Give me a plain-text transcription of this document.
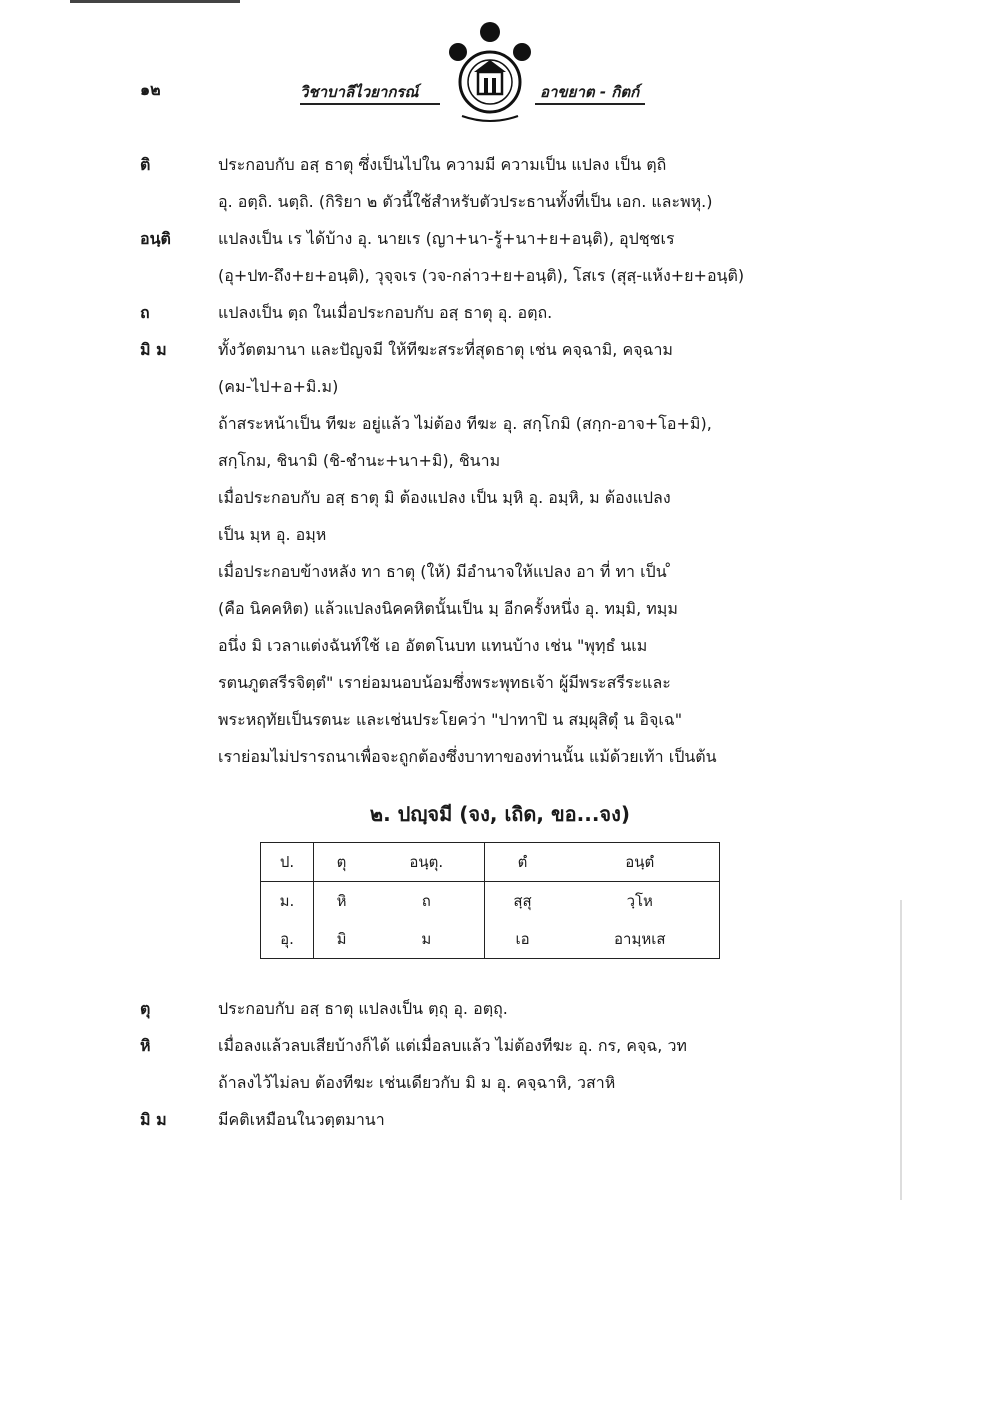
๑๒	วิชาบาลีไวยากรณ์	อาขยาต - กิตก์
ติ	ประกอบกับ อสฺ ธาตุ ซึ่งเป็นไปใน ความมี ความเป็น แปลง เป็น ตฺถิ
อุ. อตฺถิ. นตฺถิ. (กิริยา ๒ ตัวนี้ใช้สำหรับตัวประธานทั้งที่เป็น เอก. และพหุ.)
อนฺติ	แปลงเป็น เร ได้บ้าง อุ. นายเร (ญา+นา-รู้+นา+ย+อนฺติ), อุปชฺชเร
(อุ+ปท-ถึง+ย+อนฺติ), วุจฺจเร (วจ-กล่าว+ย+อนฺติ), โสเร (สุสฺ-แห้ง+ย+อนฺติ)
ถ	แปลงเป็น ตฺถ ในเมื่อประกอบกับ อสฺ ธาตุ อุ. อตฺถ.
มิ ม	ทั้งวัตตมานา และปัญจมี ให้ทีฆะสระที่สุดธาตุ เช่น คจฺฉามิ, คจฺฉาม
(คม-ไป+อ+มิ.ม)
ถ้าสระหน้าเป็น ทีฆะ อยู่แล้ว ไม่ต้อง ทีฆะ อุ. สกฺโกมิ (สกฺก-อาจ+โอ+มิ),
สกฺโกม, ชินามิ (ชิ-ชำนะ+นา+มิ), ชินาม
เมื่อประกอบกับ อสฺ ธาตุ มิ ต้องแปลง เป็น มฺหิ อุ. อมฺหิ, ม ต้องแปลง
เป็น มฺห อุ. อมฺห
เมื่อประกอบข้างหลัง ทา ธาตุ (ให้) มีอำนาจให้แปลง อา ที่ ทา เป็น ̊
(คือ นิคคหิต) แล้วแปลงนิคคหิตนั้นเป็น มฺ อีกครั้งหนึ่ง อุ. ทมฺมิ, ทมฺม
อนึ่ง มิ เวลาแต่งฉันท์ใช้ เอ อัตตโนบท แทนบ้าง เช่น "พุทฺธํ นเม
รตนภูตสรีรจิตฺตํ" เราย่อมนอบน้อมซึ่งพระพุทธเจ้า ผู้มีพระสรีระและ
พระหฤทัยเป็นรตนะ และเช่นประโยคว่า "ปาทาปิ น สมฺผุสิตุํ น อิจฺเฉ"
เราย่อมไม่ปรารถนาเพื่อจะถูกต้องซึ่งบาทาของท่านนั้น แม้ด้วยเท้า เป็นต้น
๒. ปญฺจมี (จง, เถิด, ขอ...จง)
ป.	ตุ	อนฺตุ.	ตํ	อนฺตํ
ม.	หิ	ถ	สฺสุ	วฺโห
อุ.	มิ	ม	เอ	อามฺหเส
ตุ	ประกอบกับ อสฺ ธาตุ แปลงเป็น ตฺถุ อุ. อตฺถุ.
หิ	เมื่อลงแล้วลบเสียบ้างก็ได้ แต่เมื่อลบแล้ว ไม่ต้องทีฆะ อุ. กร, คจฺฉ, วท
ถ้าลงไว้ไม่ลบ ต้องทีฆะ เช่นเดียวกับ มิ ม อุ. คจฺฉาหิ, วสาหิ
มิ ม	มีคติเหมือนในวตฺตมานา
